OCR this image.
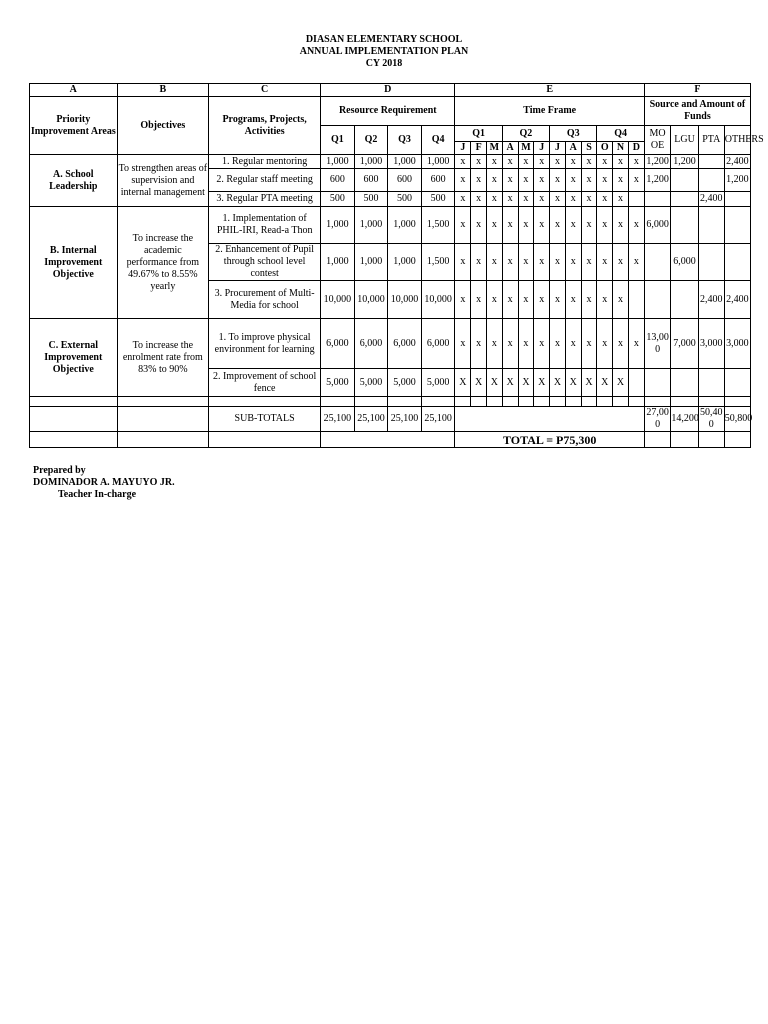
DIASAN ELEMENTARY SCHOOL
ANNUAL IMPLEMENTATION PLAN
CY 2018
A	B	C	D				E												F			
Priority Improvement Areas	Objectives	Programs, Projects, Activities	Resource Requirement				Time Frame												Source and Amount of Funds			
			Q1	Q2	Q3	Q4	Q1			Q2			Q3			Q4			MO OE	LGU	PTA	OTHERS
							J	F	M	A	M	J	J	A	S	O	N	D				
A. School Leadership	To strengthen areas of supervision and internal management	1. Regular mentoring	1,000	1,000	1,000	1,000	x	x	x	x	x	x	x	x	x	x	x	x	1,200	1,200		2,400
		2. Regular staff meeting	600	600	600	600	x	x	x	x	x	x	x	x	x	x	x	x	1,200			1,200
		3. Regular PTA meeting	500	500	500	500	x	x	x	x	x	x	x	x	x	x	x				2,400	
B. Internal Improvement Objective	To increase the academic performance from 49.67% to 8.55% yearly	1. Implementation of PHIL-IRI, Read-a Thon	1,000	1,000	1,000	1,500	x	x	x	x	x	x	x	x	x	x	x	x	6,000			
		2. Enhancement of Pupil through school level contest	1,000	1,000	1,000	1,500	x	x	x	x	x	x	x	x	x	x	x	x		6,000		
		3. Procurement of Multi-Media for school	10,000	10,000	10,000	10,000	x	x	x	x	x	x	x	x	x	x	x				2,400	2,400
C. External Improvement Objective	To increase the enrolment rate from 83% to 90%	1. To improve physical environment for learning	6,000	6,000	6,000	6,000	x	x	x	x	x	x	x	x	x	x	x	x	13,00 0	7,000	3,000	3,000
		2. Improvement of school fence	5,000	5,000	5,000	5,000	X	X	X	X	X	X	X	X	X	X	X					

		SUB-TOTALS	25,100	25,100	25,100	25,100													27,00 0	14,200	50,40 0	50,800
							TOTAL = P75,300															
Prepared by
DOMINADOR A. MAYUYO JR.
Teacher In-charge
